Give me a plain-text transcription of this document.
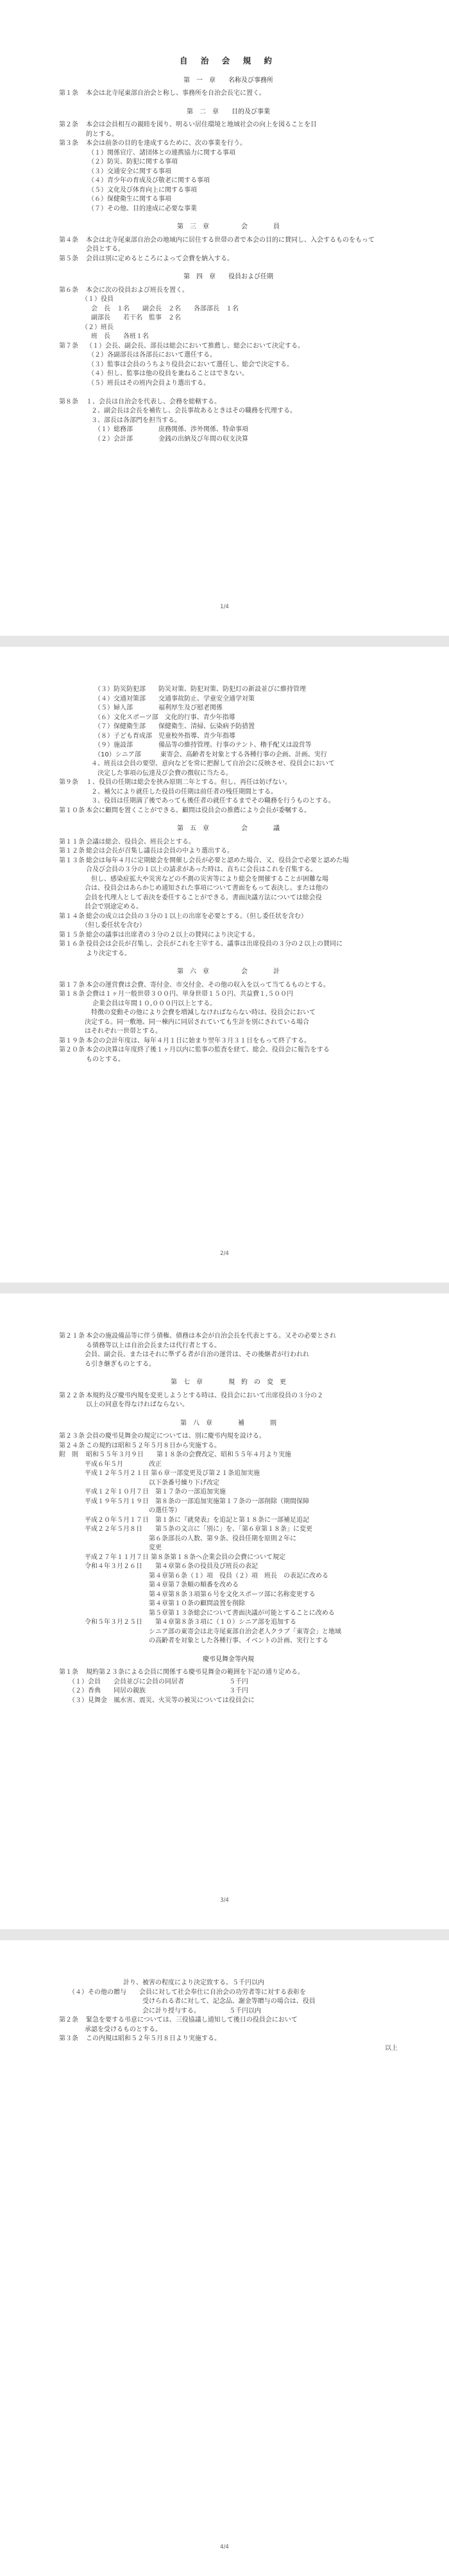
自 治 会 規 約
第　一　章　　名称及び事務所
第１条	本会は北寺尾東部自治会と称し、事務所を自治会長宅に置く。
第　二　章　　目的及び事業
第２条	本会は会員相互の親睦を図り、明るい居住環境と地域社会の向上を図ることを目
的とする。
第３条	本会は前条の目的を達成するために、次の事業を行う。
　　　　　（１）関係官庁、諸団体との連携協力に関する事項
　　　　　（２）防災、防犯に関する事項
　　　　　（３）交通安全に関する事項
　　　　　（４）青少年の育成及び敬老に関する事項
　　　　　（５）文化及び体育向上に関する事項
　　　　　（６）保健衛生に関する事項
　　　　　（７）その他、目的達成に必要な事業
第　三　章　　　　　会　　　　員
第４条	本会は北寺尾東部自治会の地域内に居住する世帯の者で本会の目的に賛同し、入会するものをもって
会員とする。
第５条	会員は別に定めるところによって会費を納入する。
第　四　章　　役員および任期
第６条	本会に次の役員および班長を置く。
　　　　（１）役員
　　　　　会　長　１名　　副会長　２名　　各部部長　１名
　　　　　副部長　　若干名　監事　２名
　　　　（２）班長
　　　　　班　長　　各班１名
第７条	（１）会長、副会長、部長は総会において推薦し、総会において決定する。
　　　　　（２）各副部長は各部長において選任する。
　　　　　（３）監事は会員のうちより役員会において選任し、総会で決定する。
　　　　　（４）但し、監事は他の役員を兼ねることはできない。
　　　　　（５）班長はその班内会員より選出する。
第８条	１、会長は自治会を代表し、会務を総轄する。
　　　　　２、副会長は会長を補佐し、会長事故あるときはその職務を代理する。
　　　　　３、部長は各部門を担当する。
　　　　　　（１）総務部　　　　庶務関係、渉外関係、特命事項
　　　　　　（２）会計部　　　　金銭の出納及び年間の収支決算
1/4
　　　　　　（３）防災防犯部　　防災対策、防犯対策、防犯灯の新設並びに維持管理
　　　　　　（４）交通対策部　　交通事故防止、学童安全通学対策
　　　　　　（５）婦人部　　　　福利厚生及び慰老関係
　　　　　　（６）文化スポーツ部　文化的行事、青少年指導
　　　　　　（７）保健衛生部　　保健衛生、清掃、伝染病予防措置
　　　　　　（８）子ども育成部　児童校外指導、青少年指導
　　　　　　（９）施設部　　　　備品等の維持管理、行事のテント、櫓手配又は設営等
　　　　　　（10）シニア部　　　東寄会、高齢者を対象とする各種行事の企画、計画、実行
　　　　　４、班長は会員の要望、意向などを常に把握して自治会に反映させ、役員会において
　　　　　　決定した事項の伝達及び会費の徴収に当たる。
第９条	１、役員の任期は総会を挟み原則二年とする。但し、再任は妨げない。
　　　　　２、補欠により就任した役員の任期は前任者の残任期間とする。
　　　　　３、役員は任期満了後であっても後任者の就任するまでその職務を行うものとする。
第１０条 本会に顧問を置くことができる。顧問は役員会の推薦により会長が委嘱する。
第　五　章　　　　　会　　　　議
第１１条 会議は総会、役員会、班長会とする。
第１２条 総会は会長が召集し議長は会員の中より選出する。
第１３条 総会は毎年４月に定期総会を開催し会長が必要と認めた場合、又、役員会で必要と認めた場
合及び会員の３分の１以上の請求があった時は、直ちに会長はこれを召集する。
　　　　　但し、感染症拡大や災害などの不測の災害等により総会を開催することが困難な場
　　　　合は、役員会はあらかじめ通知された事項について書面をもって表決し、または他の
　　　　会員を代理人として表決を委任することができる。書面決議方法については総会役
　　　　員会で別途定める。
第１４条 総会の成立は会員の３分の１以上の出席を必要とする。（但し委任状を含む）
　　　　（但し委任状を含む）
第１５条 総会の議事は出席者の３分の２以上の賛同により決定する。
第１６条 役員会は会長が召集し、会長がこれを主宰する。議事は出席役員の３分の２以上の賛同に
より決定する。
第　六　章　　　　　会　　　　計
第１７条 本会の運営費は会費、寄付金、市交付金、その他の収入を以って当てるものとする。
第１８条 会費は１ヶ月一般世帯３００円、単身世帯１５０円、共益費１,５００円
　企業会員は年間１０,０００円以上とする。
　　　　　特徴の変動その他により会費を増減しなければならない時は、役員会において
　　　　決定する。同一敷地、同一棟内に同居されていても生計を別にされている場合
　　　　はそれぞれ一世帯とする。
第１９条 本会の会計年度は、毎年４月１日に始まり翌年３月３１日をもって終了する。
第２０条 本会の決算は年度終了後１ヶ月以内に監事の監査を経て、総会、役員会に報告をする
ものとする。
2/4
第２１条 本会の施設備品等に伴う債権、債務は本会が自治会長を代表とする。又その必要とされ
る債務等以上は自治会長または代行者とする。
　　　　会員、副会長、またはそれに準ずる者が自治の運営は、その後継者が行われれ
　　　　る引き継ぎものとする。
第　七　章　　　　規　約　の　変　更
第２２条 本規約及び慶弔内規を変更しようとする時は、役員会において出席役員の３分の２
以上の同意を得なければならない。
第　八　章　　　　補　　　　則
第２３条 会員の慶弔見舞金の規定については、別に慶弔内規を設ける。
第２４条 この規約は昭和５２年５月８日から実施する。
附　則	昭和５５年３月９日　　第１８条の会費改定、昭和５５年４月より実施
　　　　平成６年５月　　　　改正
　　　　平成１２年５月２１日 第６章一部変更及び第２１条追加実施
　　　　　　　　　　　　　　以下条番号繰り下げ改定
　　　　平成１２年１０月７日　第１７条の一部追加実施
　　　　平成１９年５月１９日　第８条の一部追加実施第１７条の一部削除（期間保障
　　　　　　　　　　　　　　の選任等）
　　　　平成２０年５月１７日　第１条に『就発表』を追記と第１８条に一部補足追記
　　　　平成２２年５月８日　　第５条の文言に「別に」を、「第６章第１８条」に変更
　　　　　　　　　　　　　　第６条部長の人数、第９条、役員任期を原則２年に
　　　　　　　　　　　　　　変更
　　　　平成２７年１１月７日 第８条第１８条へ企業会員の会費について規定
　　　　令和４年３月２６日　　第４章第６条の役員及び班長の表記
　　　　　　　　　　　　　　第４章第６条（１）項　役員（２）項　班長　の表記に改める
　　　　　　　　　　　　　　第４章第７条順の順番を改める
　　　　　　　　　　　　　　第４章第８条３項第６号を文化スポーツ部に名称変更する
　　　　　　　　　　　　　　第４章第１０条の顧問設置を削除
　　　　　　　　　　　　　　第５章第１３条総会について書面決議が可能とすることに改める
　　　　令和５年３月２５日　　第４章第８条３項に（１０）シニア部を追加する
　　　　　　　　　　　　　　シニア部の東寄会は北寺尾東部自治会老人クラブ「東寄会」と地域
　　　　　　　　　　　　　　の高齢者を対象とした各種行事、イベントの計画、実行とする
慶弔見舞金等内規
第１条	規約第２３条による会員に関係する慶弔見舞金の範囲を下記の通り定める。
　　（１）会員　　会員並びに会員の同居者　　　　　　　５千円
　　（２）香典　　同居の親族　　　　　　　　　　　　　３千円
　　（３）見舞金　風水害、震災、火災等の被災については役員会に
3/4
　　　　　　　　　　計り、被害の程度により決定致する。５千円以内
　　（４）その他の贈与　　会員に対して社会奉仕に自治会の功労者等に対する表彰を
　　　　　　　　　　　　　受けられる者に対して、記念品、謝金等贈与の場合は、役員
　　　　　　　　　　　　　会に計り授与する。　　　　　５千円以内
第２条	緊急を要する弔意については、三役協議し通知して後日の役員会において
　　　　承認を受けるものとする。
第３条	この内規は昭和５２年５月８日より実施する。
以上
4/4
